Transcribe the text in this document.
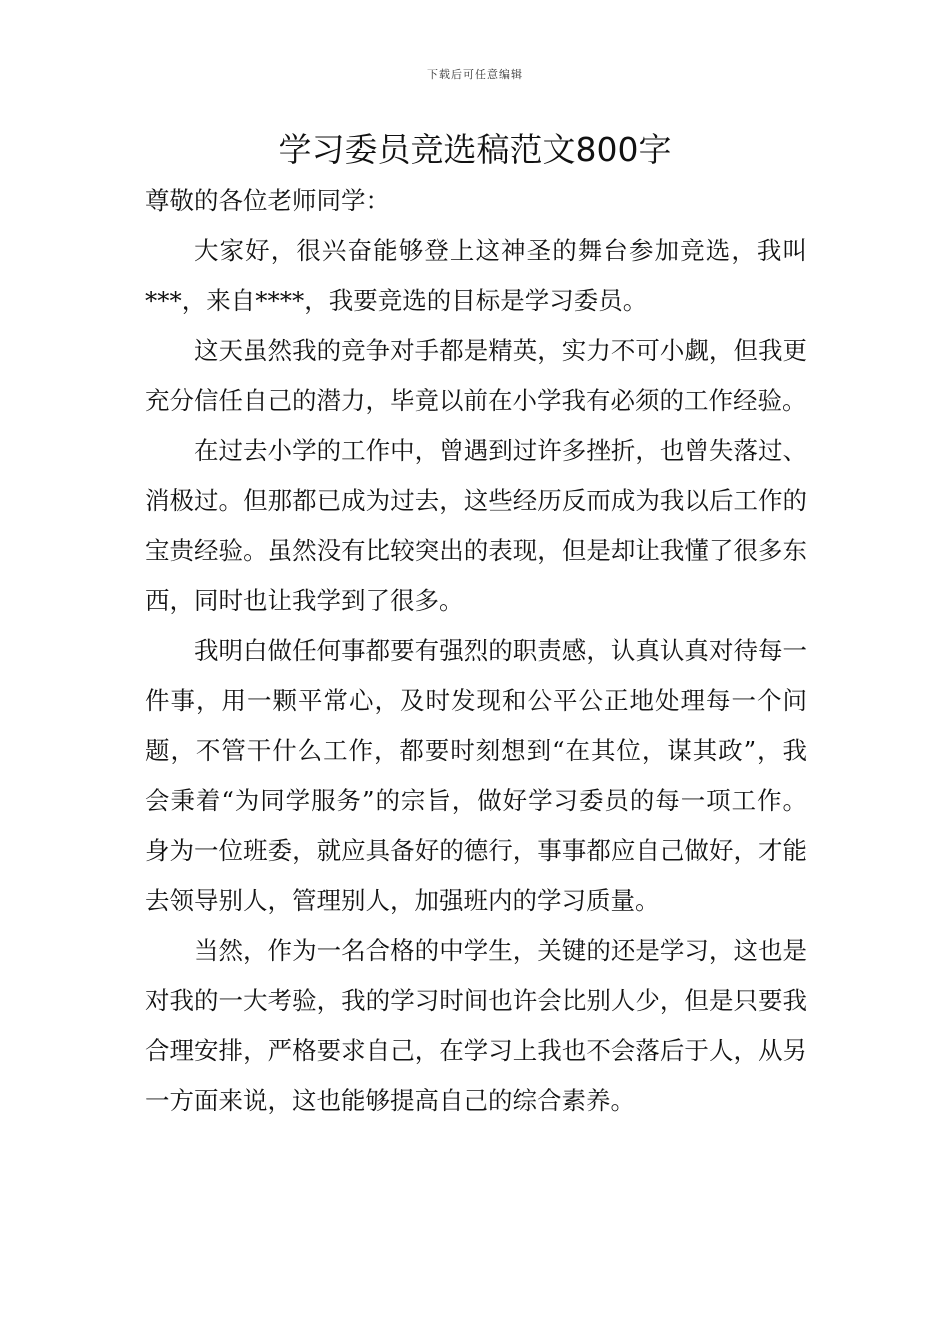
下载后可任意编辑
学习委员竞选稿范文800字

尊敬的各位老师同学：

大家好，很兴奋能够登上这神圣的舞台参加竞选，我叫***，来自****，我要竞选的目标是学习委员。

这天虽然我的竞争对手都是精英，实力不可小觑，但我更充分信任自己的潜力，毕竟以前在小学我有必须的工作经验。

在过去小学的工作中，曾遇到过许多挫折，也曾失落过、消极过。但那都已成为过去，这些经历反而成为我以后工作的宝贵经验。虽然没有比较突出的表现，但是却让我懂了很多东西，同时也让我学到了很多。

我明白做任何事都要有强烈的职责感，认真认真对待每一件事，用一颗平常心，及时发现和公平公正地处理每一个问题，不管干什么工作，都要时刻想到“在其位，谋其政”，我会秉着“为同学服务”的宗旨，做好学习委员的每一项工作。身为一位班委，就应具备好的德行，事事都应自己做好，才能去领导别人，管理别人，加强班内的学习质量。

当然，作为一名合格的中学生，关键的还是学习，这也是对我的一大考验，我的学习时间也许会比别人少，但是只要我合理安排，严格要求自己，在学习上我也不会落后于人，从另一方面来说，这也能够提高自己的综合素养。
